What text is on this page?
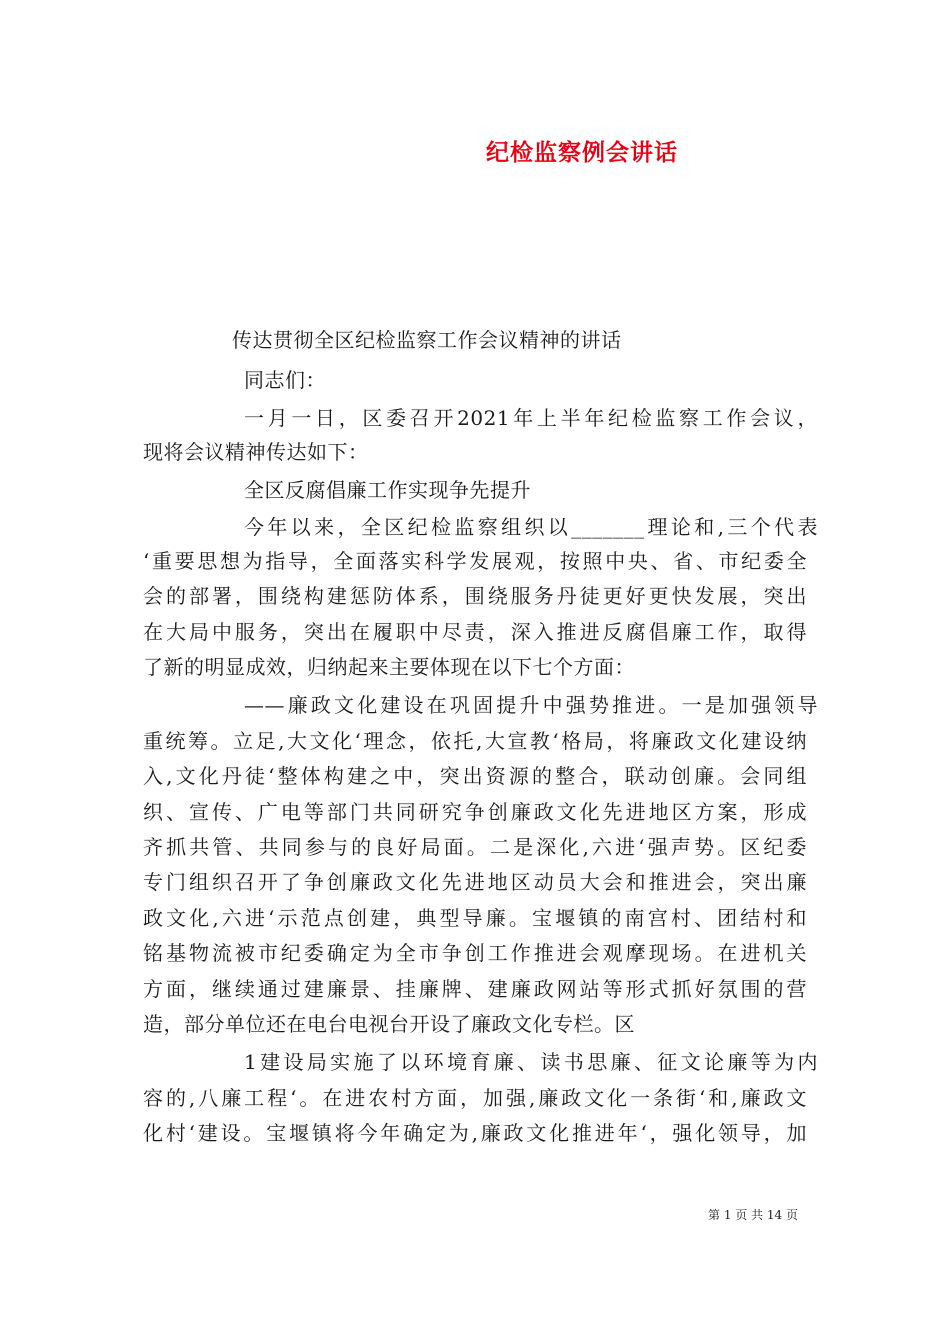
纪检监察例会讲话
传达贯彻全区纪检监察工作会议精神的讲话
同志们：
一月一日，区委召开2021年上半年纪检监察工作会议，
现将会议精神传达如下：
全区反腐倡廉工作实现争先提升
今年以来，全区纪检监察组织以_______理论和,三个代表
‘重要思想为指导，全面落实科学发展观，按照中央、省、市纪委全
会的部署，围绕构建惩防体系，围绕服务丹徒更好更快发展，突出
在大局中服务，突出在履职中尽责，深入推进反腐倡廉工作，取得
了新的明显成效，归纳起来主要体现在以下七个方面：
——廉政文化建设在巩固提升中强势推进。一是加强领导
重统筹。立足,大文化‘理念，依托,大宣教‘格局，将廉政文化建设纳
入,文化丹徒‘整体构建之中，突出资源的整合，联动创廉。会同组
织、宣传、广电等部门共同研究争创廉政文化先进地区方案，形成
齐抓共管、共同参与的良好局面。二是深化,六进‘强声势。区纪委
专门组织召开了争创廉政文化先进地区动员大会和推进会，突出廉
政文化,六进‘示范点创建，典型导廉。宝堰镇的南宫村、团结村和
铭基物流被市纪委确定为全市争创工作推进会观摩现场。在进机关
方面，继续通过建廉景、挂廉牌、建廉政网站等形式抓好氛围的营
造，部分单位还在电台电视台开设了廉政文化专栏。区
1建设局实施了以环境育廉、读书思廉、征文论廉等为内
容的,八廉工程‘。在进农村方面，加强,廉政文化一条街‘和,廉政文
化村‘建设。宝堰镇将今年确定为,廉政文化推进年‘，强化领导，加
第 1 页 共 14 页
